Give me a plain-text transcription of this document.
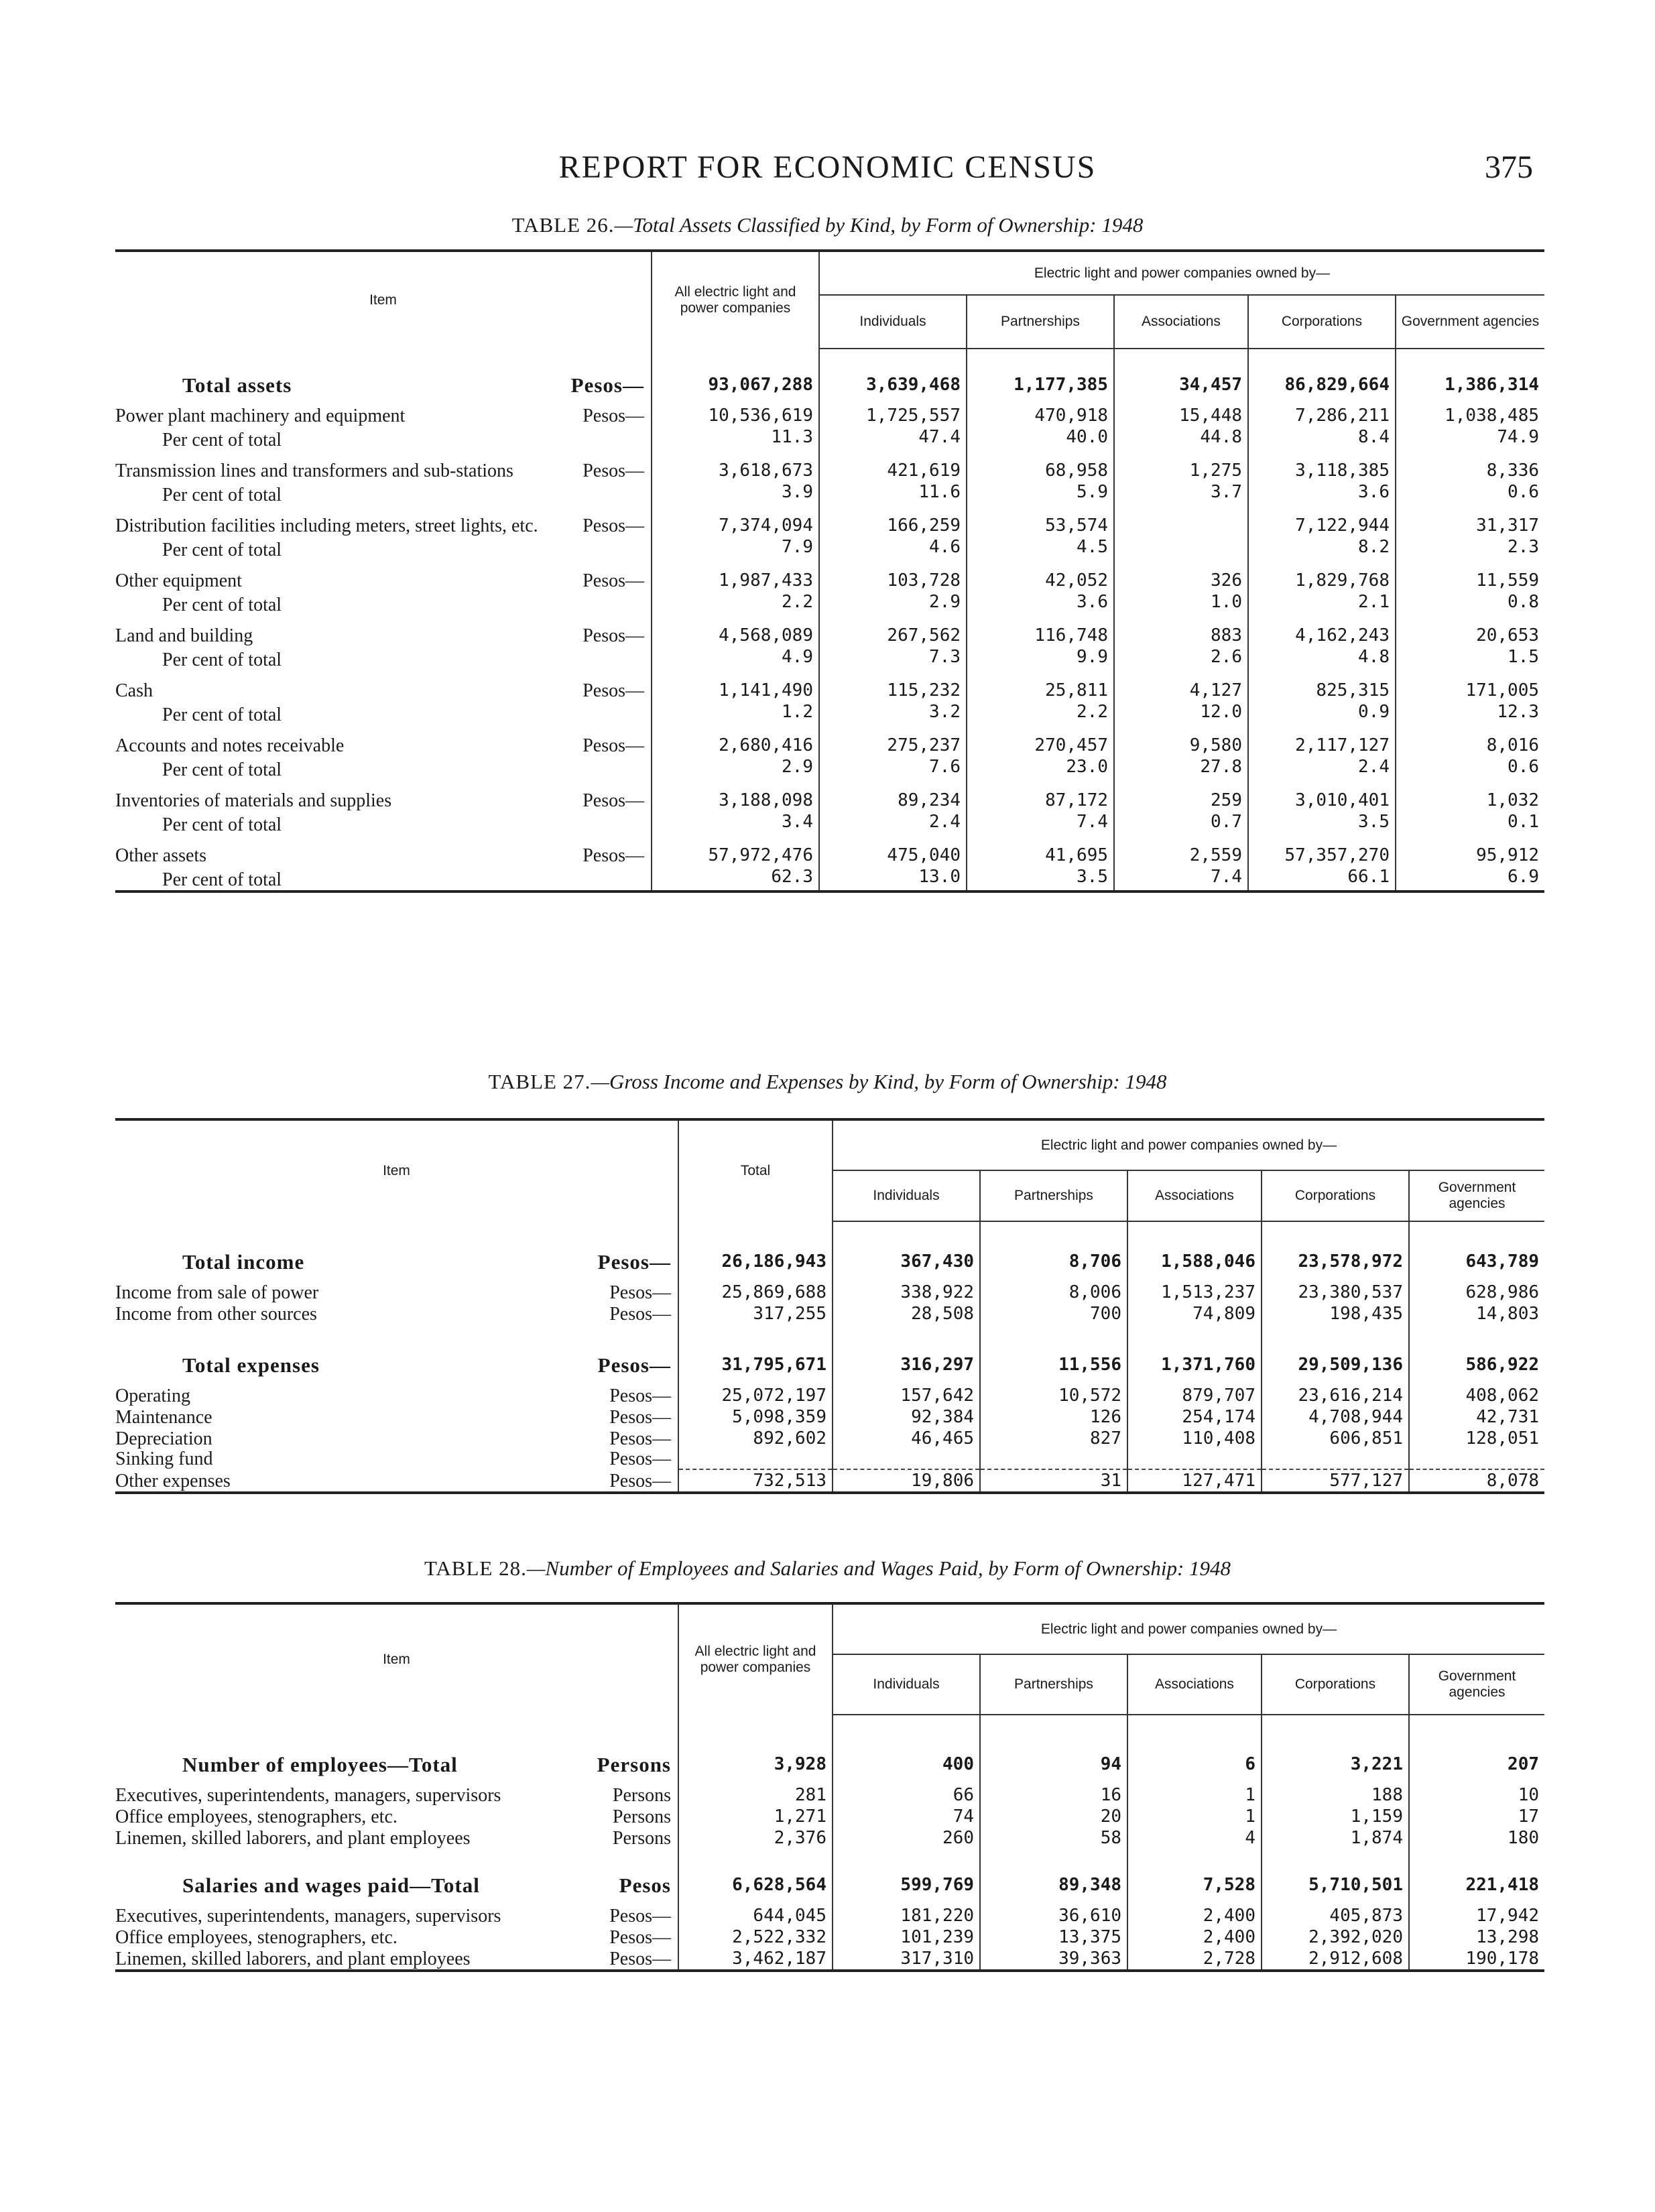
REPORT FOR ECONOMIC CENSUS	375
TABLE 26.—Total Assets Classified by Kind, by Form of Ownership: 1948
Item	All electric light and power companies	Electric light and power companies owned by—				
		Individuals	Partnerships	Associations	Corporations	Government agencies

Pesos—
Total assets	93,067,288	3,639,468	1,177,385	34,457	86,829,664	1,386,314

Pesos—
Power plant machinery and equipment	10,536,619	1,725,557	470,918	15,448	7,286,211	1,038,485

Per cent of total	11.3	47.4	40.0	44.8	8.4	74.9

Pesos—
Transmission lines and transformers and sub-stations	3,618,673	421,619	68,958	1,275	3,118,385	8,336

Per cent of total	3.9	11.6	5.9	3.7	3.6	0.6

Pesos—
Distribution facilities including meters, street lights, etc.	7,374,094	166,259	53,574		7,122,944	31,317

Per cent of total	7.9	4.6	4.5		8.2	2.3

Pesos—
Other equipment	1,987,433	103,728	42,052	326	1,829,768	11,559

Per cent of total	2.2	2.9	3.6	1.0	2.1	0.8

Pesos—
Land and building	4,568,089	267,562	116,748	883	4,162,243	20,653

Per cent of total	4.9	7.3	9.9	2.6	4.8	1.5

Pesos—
Cash	1,141,490	115,232	25,811	4,127	825,315	171,005

Per cent of total	1.2	3.2	2.2	12.0	0.9	12.3

Pesos—
Accounts and notes receivable	2,680,416	275,237	270,457	9,580	2,117,127	8,016

Per cent of total	2.9	7.6	23.0	27.8	2.4	0.6

Pesos—
Inventories of materials and supplies	3,188,098	89,234	87,172	259	3,010,401	1,032

Per cent of total	3.4	2.4	7.4	0.7	3.5	0.1

Pesos—
Other assets	57,972,476	475,040	41,695	2,559	57,357,270	95,912

Per cent of total	62.3	13.0	3.5	7.4	66.1	6.9
TABLE 27.—Gross Income and Expenses by Kind, by Form of Ownership: 1948
Item	Total	Electric light and power companies owned by—				
		Individuals	Partnerships	Associations	Corporations	Government agencies

Pesos—
Total income	26,186,943	367,430	8,706	1,588,046	23,578,972	643,789

Pesos—
Income from sale of power	25,869,688	338,922	8,006	1,513,237	23,380,537	628,986

Pesos—
Income from other sources	317,255	28,508	700	74,809	198,435	14,803

Pesos—
Total expenses	31,795,671	316,297	11,556	1,371,760	29,509,136	586,922

Pesos—
Operating	25,072,197	157,642	10,572	879,707	23,616,214	408,062

Pesos—
Maintenance	5,098,359	92,384	126	254,174	4,708,944	42,731

Pesos—
Depreciation	892,602	46,465	827	110,408	606,851	128,051

Pesos—
Sinking fund						

Pesos—
Other expenses	732,513	19,806	31	127,471	577,127	8,078
TABLE 28.—Number of Employees and Salaries and Wages Paid, by Form of Ownership: 1948
Item	All electric light and power companies	Electric light and power companies owned by—				
		Individuals	Partnerships	Associations	Corporations	Government agencies

Persons
Number of employees—Total	3,928	400	94	6	3,221	207

Persons
Executives, superintendents, managers, supervisors	281	66	16	1	188	10

Persons
Office employees, stenographers, etc.	1,271	74	20	1	1,159	17

Persons
Linemen, skilled laborers, and plant employees	2,376	260	58	4	1,874	180

Pesos
Salaries and wages paid—Total	6,628,564	599,769	89,348	7,528	5,710,501	221,418

Pesos—
Executives, superintendents, managers, supervisors	644,045	181,220	36,610	2,400	405,873	17,942

Pesos—
Office employees, stenographers, etc.	2,522,332	101,239	13,375	2,400	2,392,020	13,298

Pesos—
Linemen, skilled laborers, and plant employees	3,462,187	317,310	39,363	2,728	2,912,608	190,178
